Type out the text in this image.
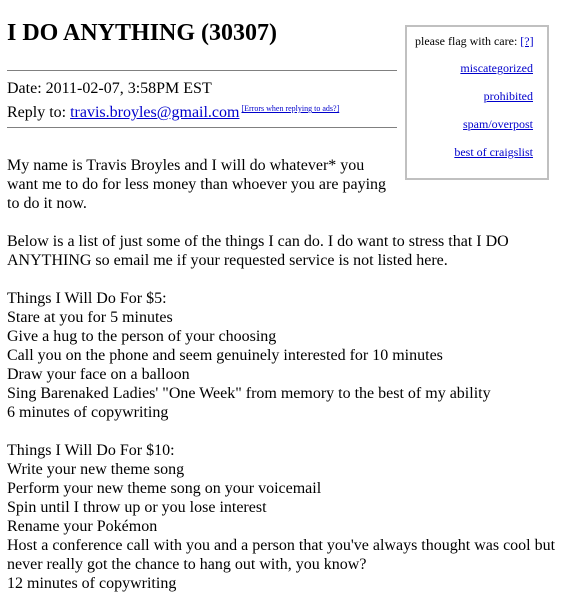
I DO ANYTHING (30307)
Date: 2011-02-07, 3:58PM EST
Reply to: travis.broyles@gmail.com [Errors when replying to ads?]
please flag with care: [?]
miscategorized
prohibited
spam/overpost
best of craigslist
My name is Travis Broyles and I will do whatever* you
want me to do for less money than whoever you are paying
to do it now.
Below is a list of just some of the things I can do. I do want to stress that I DO
ANYTHING so email me if your requested service is not listed here.
Things I Will Do For $5:
Stare at you for 5 minutes
Give a hug to the person of your choosing
Call you on the phone and seem genuinely interested for 10 minutes
Draw your face on a balloon
Sing Barenaked Ladies' "One Week" from memory to the best of my ability
6 minutes of copywriting
Things I Will Do For $10:
Write your new theme song
Perform your new theme song on your voicemail
Spin until I throw up or you lose interest
Rename your Pokémon
Host a conference call with you and a person that you've always thought was cool but never really got the chance to hang out with, you know?
12 minutes of copywriting
